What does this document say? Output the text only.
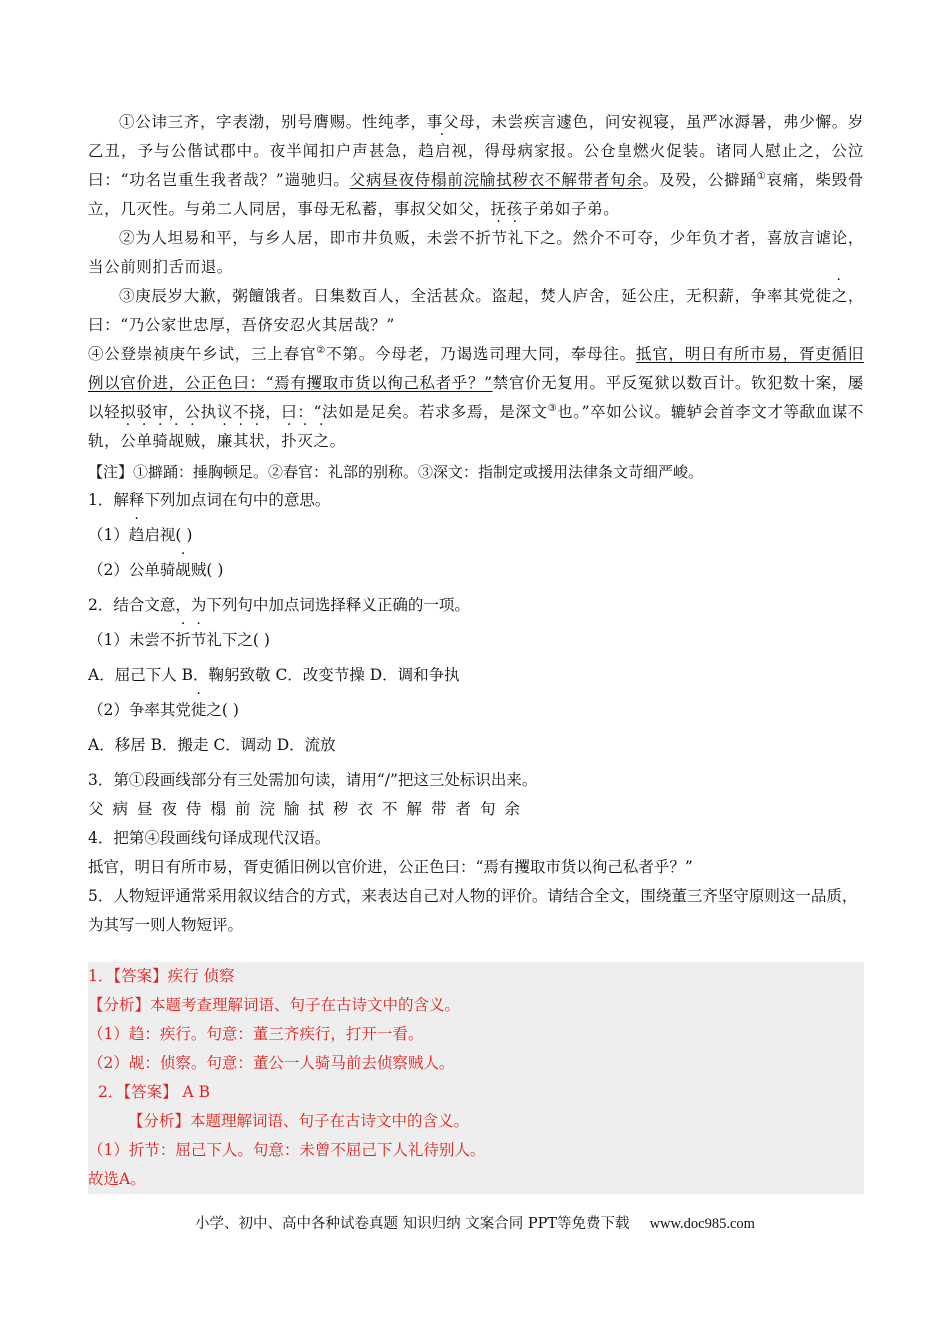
①公讳三齐，字表渤，别号膺赐。性纯孝，事父母，未尝疾言遽色，问安视寝，虽严冰溽暑，弗少懈。岁乙丑，予与公偕试郡中。夜半闻扣户声甚急，趋启视，得母病家报。公仓皇燃火促装。诸同人慰止之，公泣曰：“功名岂重生我者哉？”遄驰归。父病昼夜侍榻前浣牏拭秽衣不解带者旬余。及殁，公擗踊①哀痛，柴毁骨立，几灭性。与弟二人同居，事母无私蓄，事叔父如父，抚孩子弟如子弟。

②为人坦易和平，与乡人居，即市井负贩，未尝不折节礼下之。然介不可夺，少年负才者，喜放言谑论，当公前则扪舌而退。

③庚辰岁大歉，粥饘饿者。日集数百人，全活甚众。盗起，焚人庐舍，延公庄，无积薪，争率其党徙之，曰：“乃公家世忠厚，吾侪安忍火其居哉？”

④公登崇祯庚午乡试，三上春官②不第。今母老，乃谒选司理大同，奉母往。抵官，明日有所市易，胥吏循旧例以官价进，公正色曰：“焉有攫取市货以徇己私者乎？”禁官价无复用。平反冤狱以数百计。钦犯数十案，屡以轻拟驳审，公执议不挠，曰：“法如是足矣。若求多焉，是深文③也。”卒如公议。辘轳会首李文才等歃血谋不轨，公单骑觇贼，廉其状，扑灭之。

【注】①擗踊：捶胸顿足。②春官：礼部的别称。③深文：指制定或援用法律条文苛细严峻。

1．解释下列加点词在句中的意思。

（1）趋启视( )

（2）公单骑觇贼( )

2．结合文意，为下列句中加点词选择释义正确的一项。

（1）未尝不折节礼下之( )

A．屈己下人 B．鞠躬致敬 C．改变节操 D．调和争执

（2）争率其党徙之( )

A．移居 B．搬走 C．调动 D．流放

3．第①段画线部分有三处需加句读，请用“/”把这三处标识出来。

父病昼夜侍榻前浣牏拭秽衣不解带者旬余

4．把第④段画线句译成现代汉语。

抵官，明日有所市易，胥吏循旧例以官价进，公正色曰：“焉有攫取市货以徇己私者乎？”

5．人物短评通常采用叙议结合的方式，来表达自己对人物的评价。请结合全文，围绕董三齐坚守原则这一品质，为其写一则人物短评。

1．【答案】疾行 侦察

【分析】本题考查理解词语、句子在古诗文中的含义。

（1）趋：疾行。句意：董三齐疾行，打开一看。

（2）觇：侦察。句意：董公一人骑马前去侦察贼人。

2．【答案】 A B

【分析】本题理解词语、句子在古诗文中的含义。

（1）折节：屈己下人。句意：未曾不屈己下人礼待别人。

故选A。

小学、初中、高中各种试卷真题 知识归纳 文案合同 PPT等免费下载 www.doc985.com
